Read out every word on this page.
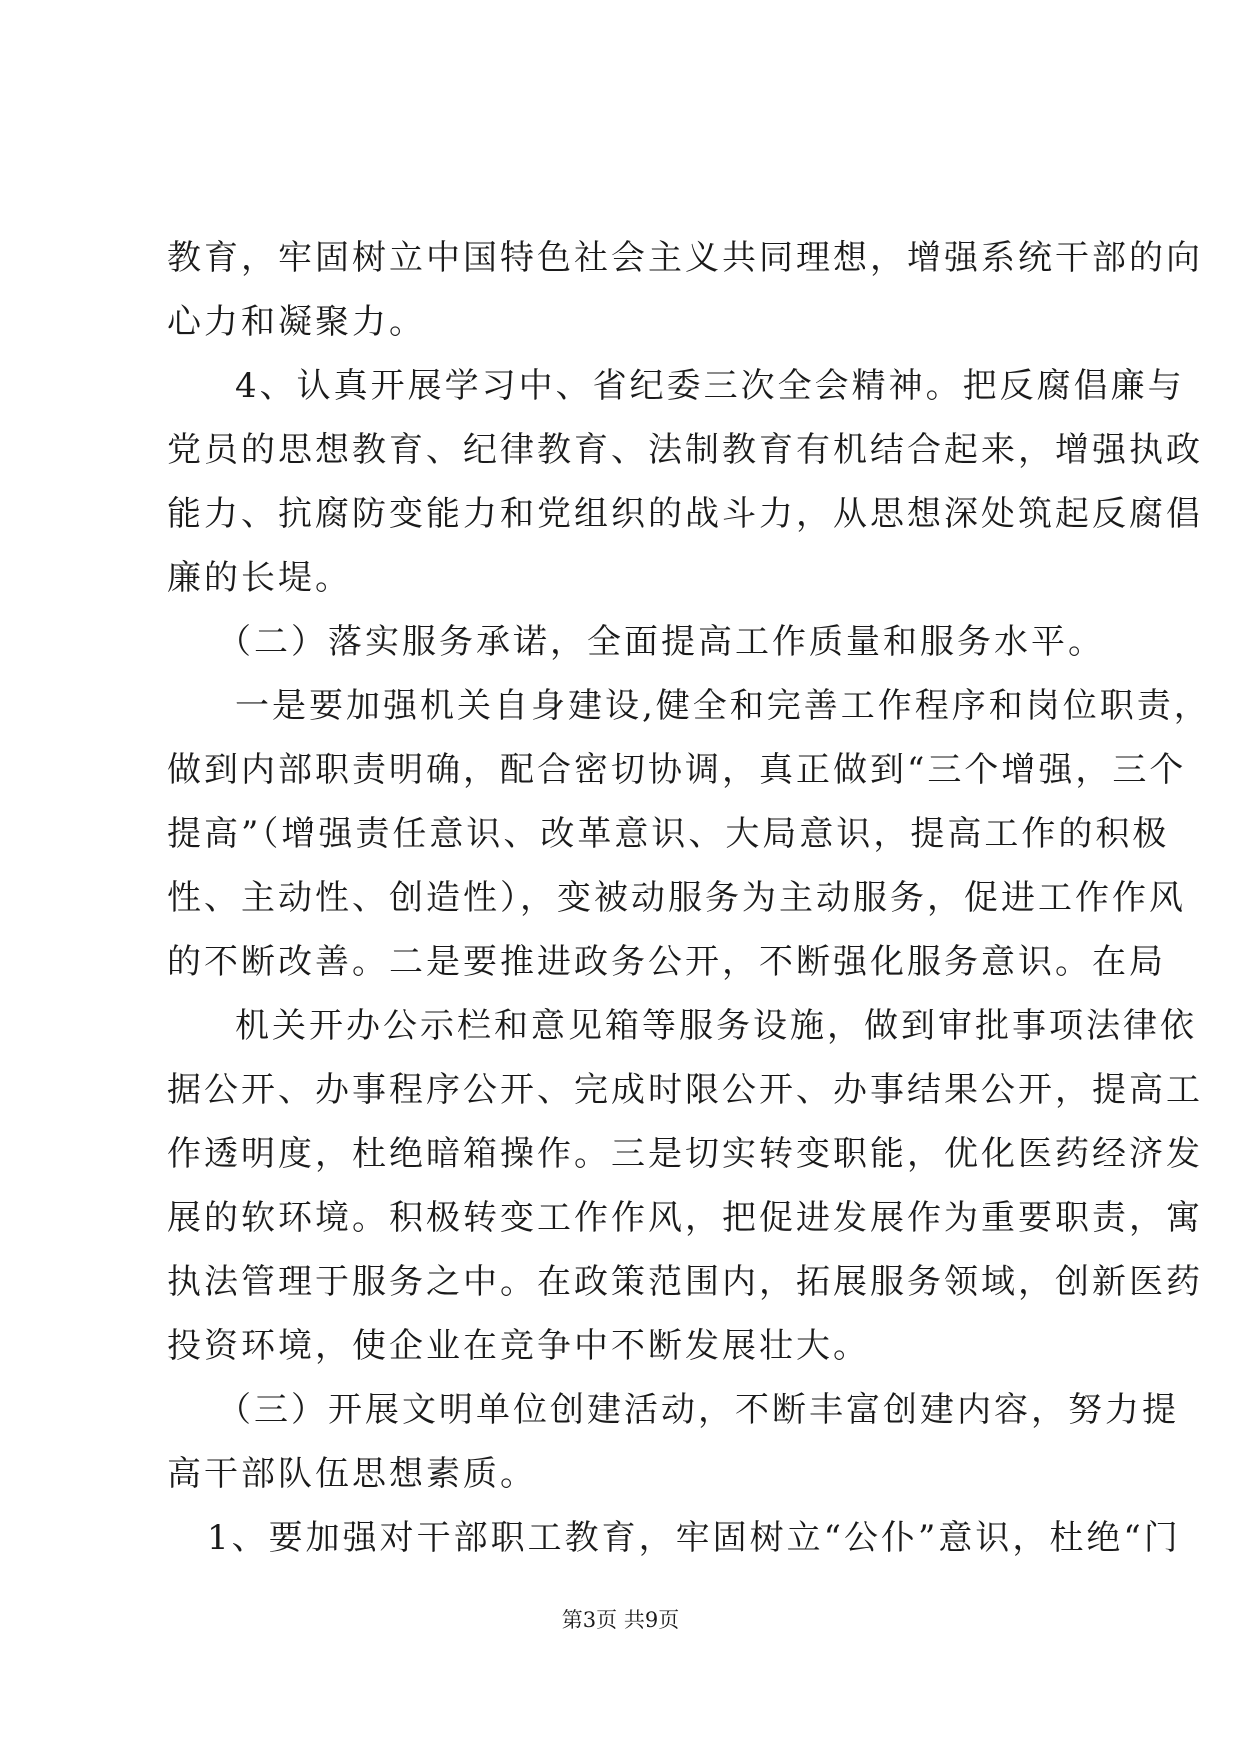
教育，牢固树立中国特色社会主义共同理想，增强系统干部的向
心力和凝聚力。
4、认真开展学习中、省纪委三次全会精神。把反腐倡廉与
党员的思想教育、纪律教育、法制教育有机结合起来，增强执政
能力、抗腐防变能力和党组织的战斗力，从思想深处筑起反腐倡
廉的长堤。
（二）落实服务承诺，全面提高工作质量和服务水平。
一是要加强机关自身建设,健全和完善工作程序和岗位职责，
做到内部职责明确，配合密切协调，真正做到“三个增强，三个
提高”（增强责任意识、改革意识、大局意识，提高工作的积极
性、主动性、创造性），变被动服务为主动服务，促进工作作风
的不断改善。二是要推进政务公开，不断强化服务意识。在局
机关开办公示栏和意见箱等服务设施，做到审批事项法律依
据公开、办事程序公开、完成时限公开、办事结果公开，提高工
作透明度，杜绝暗箱操作。三是切实转变职能，优化医药经济发
展的软环境。积极转变工作作风，把促进发展作为重要职责，寓
执法管理于服务之中。在政策范围内，拓展服务领域，创新医药
投资环境，使企业在竞争中不断发展壮大。
（三）开展文明单位创建活动，不断丰富创建内容，努力提
高干部队伍思想素质。
1、要加强对干部职工教育，牢固树立“公仆”意识，杜绝“门
第3页 共9页
